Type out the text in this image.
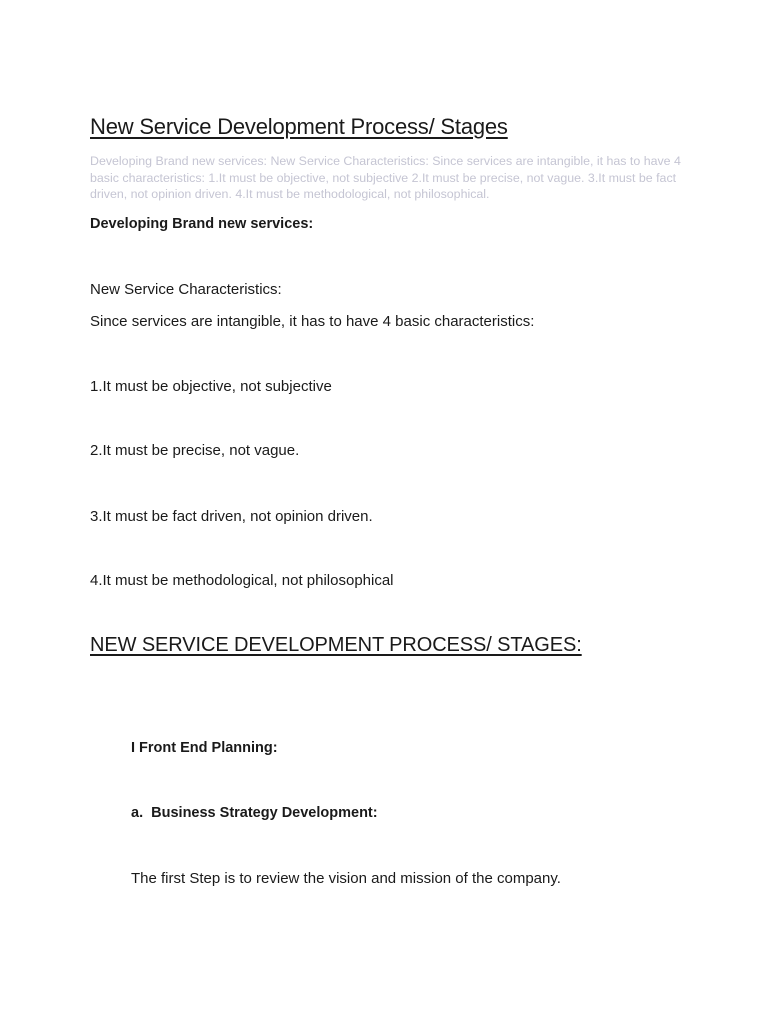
New Service Development Process/ Stages
Developing Brand new services: New Service Characteristics: Since services are intangible, it has to have 4 basic characteristics: 1.It must be objective, not subjective 2.It must be precise, not vague. 3.It must be fact driven, not opinion driven. 4.It must be methodological, not philosophical.
Developing Brand new services:
New Service Characteristics:
Since services are intangible, it has to have 4 basic characteristics:
1.It must be objective, not subjective
2.It must be precise, not vague.
3.It must be fact driven, not opinion driven.
4.It must be methodological, not philosophical
NEW SERVICE DEVELOPMENT PROCESS/ STAGES:
I Front End Planning:
a.  Business Strategy Development:
The first Step is to review the vision and mission of the company.
